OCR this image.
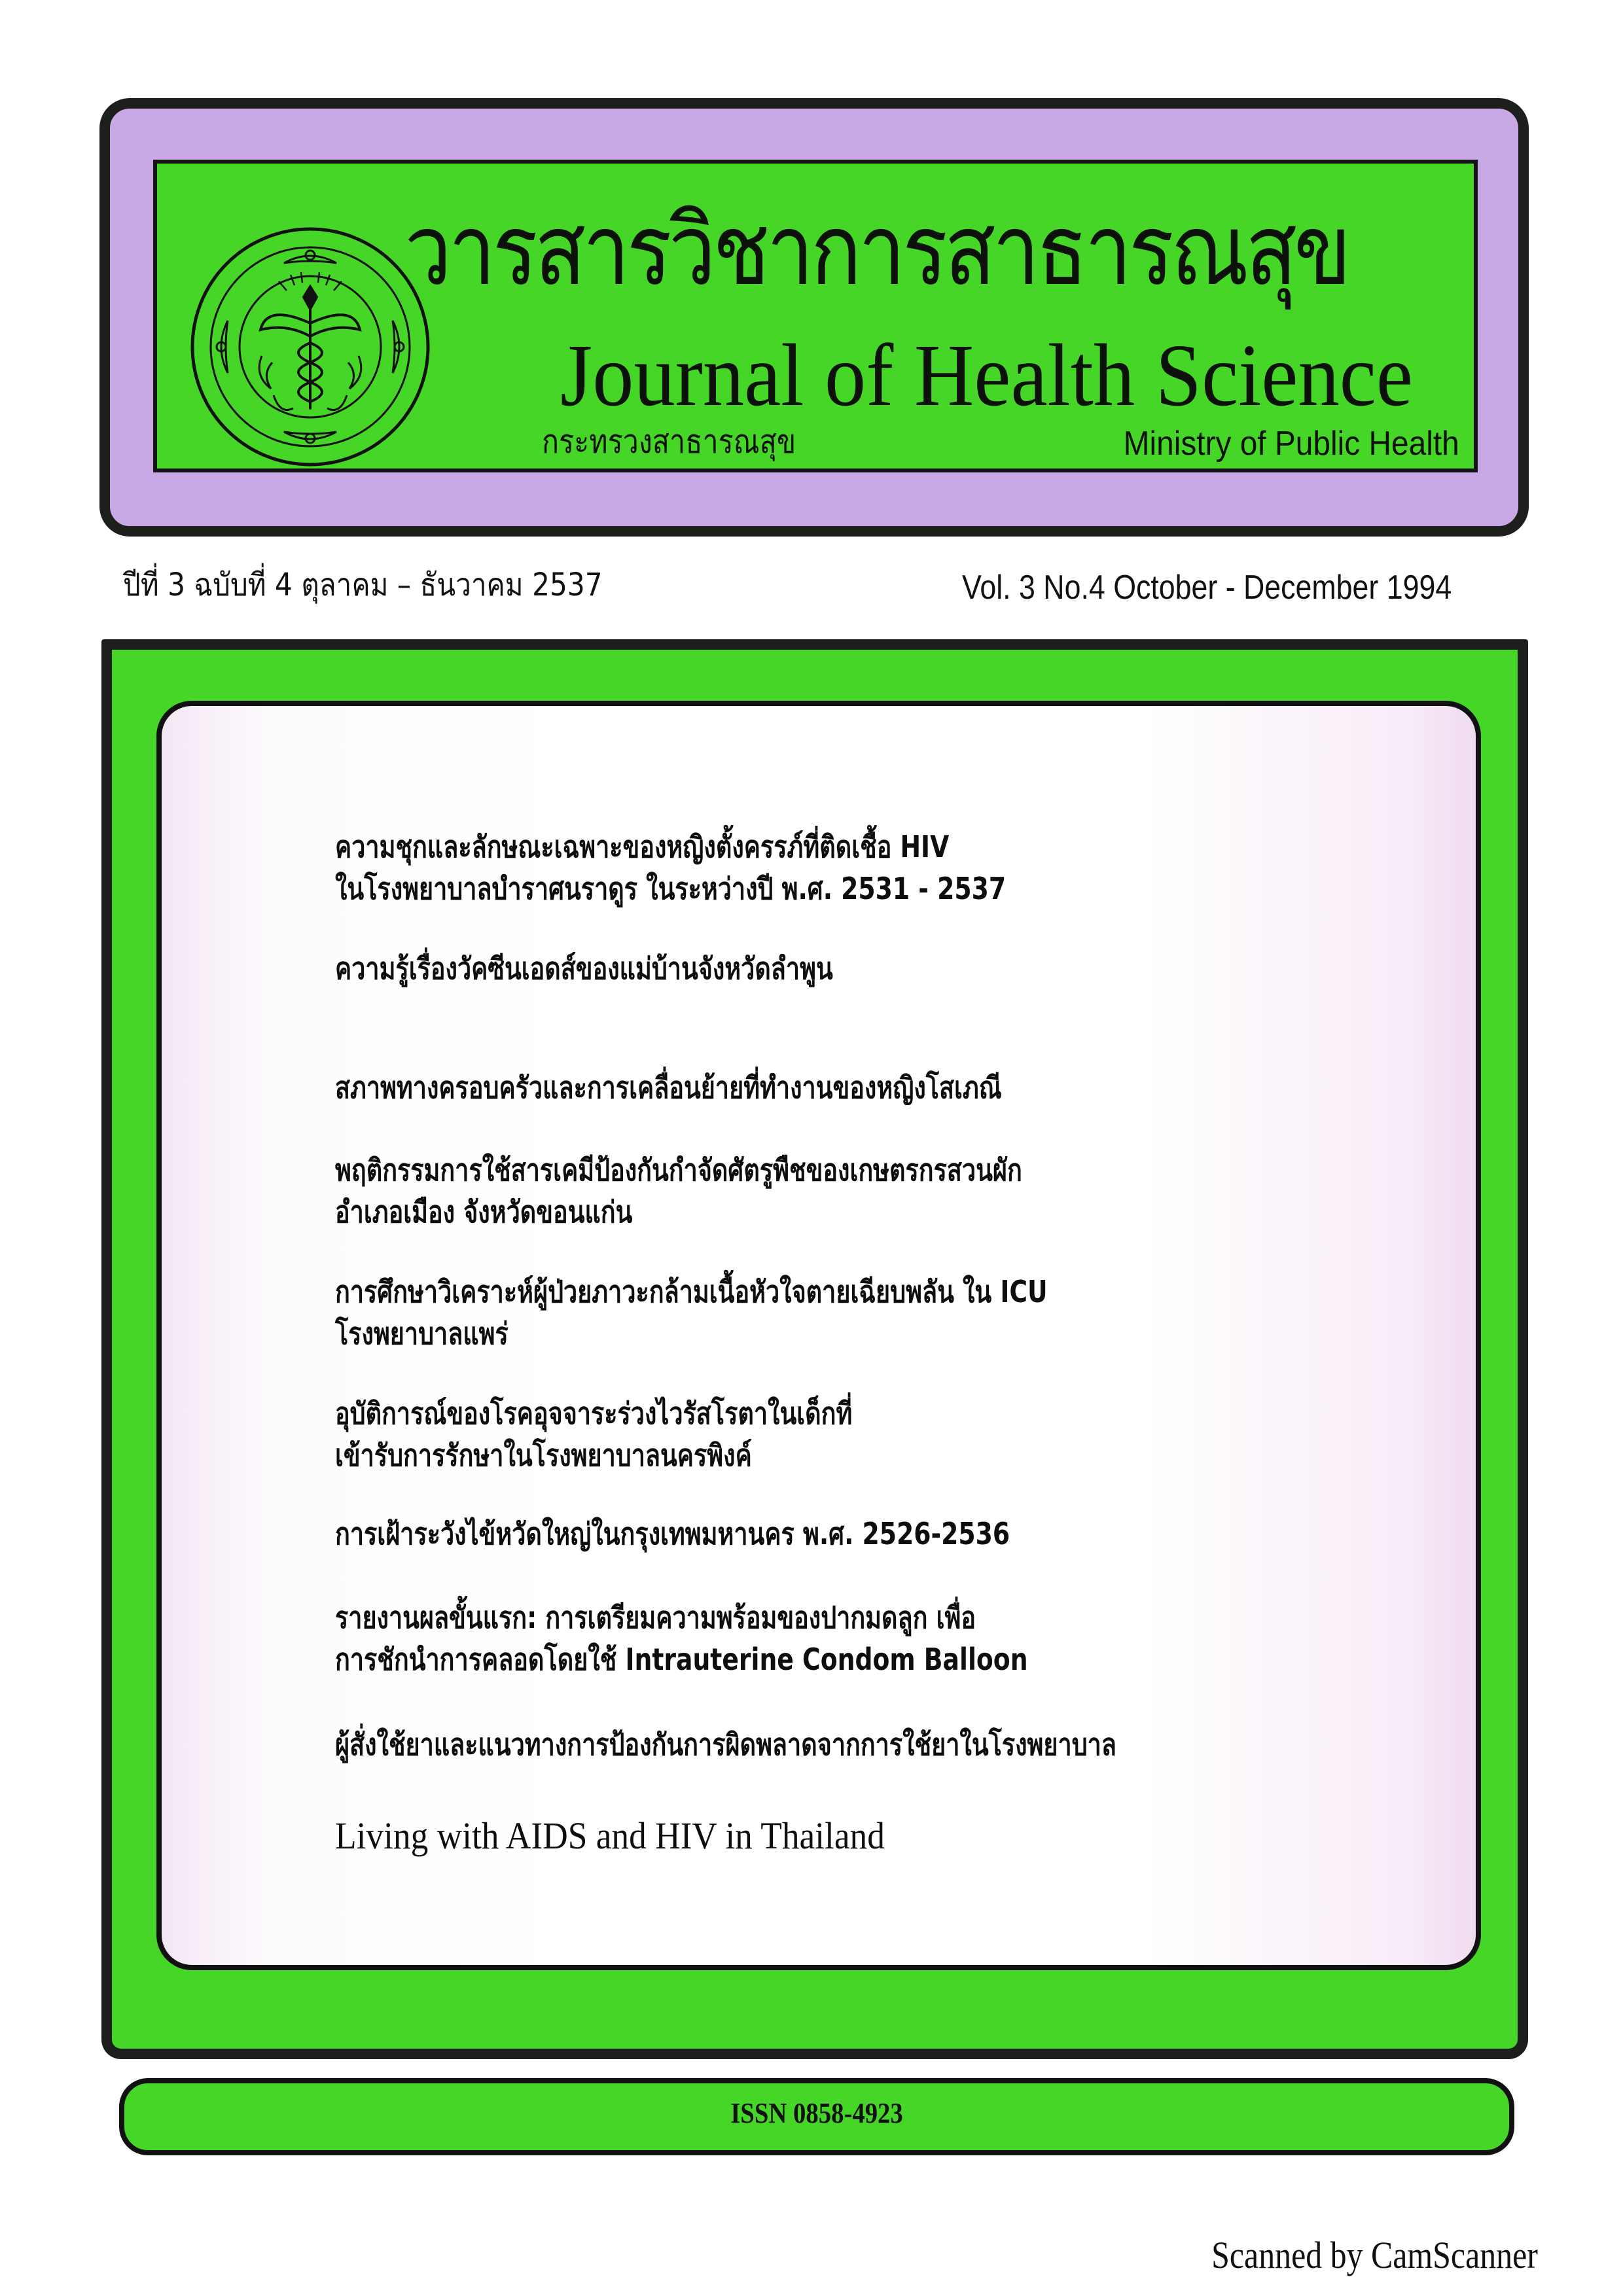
วารสารวิชาการสาธารณสุข
Journal of Health Science
กระทรวงสาธารณสุข	Ministry of Public Health
ปีที่ 3 ฉบับที่ 4 ตุลาคม – ธันวาคม 2537	Vol. 3 No.4 October - December 1994
ความชุกและลักษณะเฉพาะของหญิงตั้งครรภ์ที่ติดเชื้อ HIV
ในโรงพยาบาลบำราศนราดูร ในระหว่างปี พ.ศ. 2531 - 2537
ความรู้เรื่องวัคซีนเอดส์ของแม่บ้านจังหวัดลำพูน
สภาพทางครอบครัวและการเคลื่อนย้ายที่ทำงานของหญิงโสเภณี
พฤติกรรมการใช้สารเคมีป้องกันกำจัดศัตรูพืชของเกษตรกรสวนผัก
อำเภอเมือง จังหวัดขอนแก่น
การศึกษาวิเคราะห์ผู้ป่วยภาวะกล้ามเนื้อหัวใจตายเฉียบพลัน ใน ICU
โรงพยาบาลแพร่
อุบัติการณ์ของโรคอุจจาระร่วงไวรัสโรตาในเด็กที่
เข้ารับการรักษาในโรงพยาบาลนครพิงค์
การเฝ้าระวังไข้หวัดใหญ่ในกรุงเทพมหานคร พ.ศ. 2526-2536
รายงานผลขั้นแรก: การเตรียมความพร้อมของปากมดลูก เพื่อ
การชักนำการคลอดโดยใช้ Intrauterine Condom Balloon
ผู้สั่งใช้ยาและแนวทางการป้องกันการผิดพลาดจากการใช้ยาในโรงพยาบาล
Living with AIDS and HIV in Thailand
ISSN 0858-4923
Scanned by CamScanner
